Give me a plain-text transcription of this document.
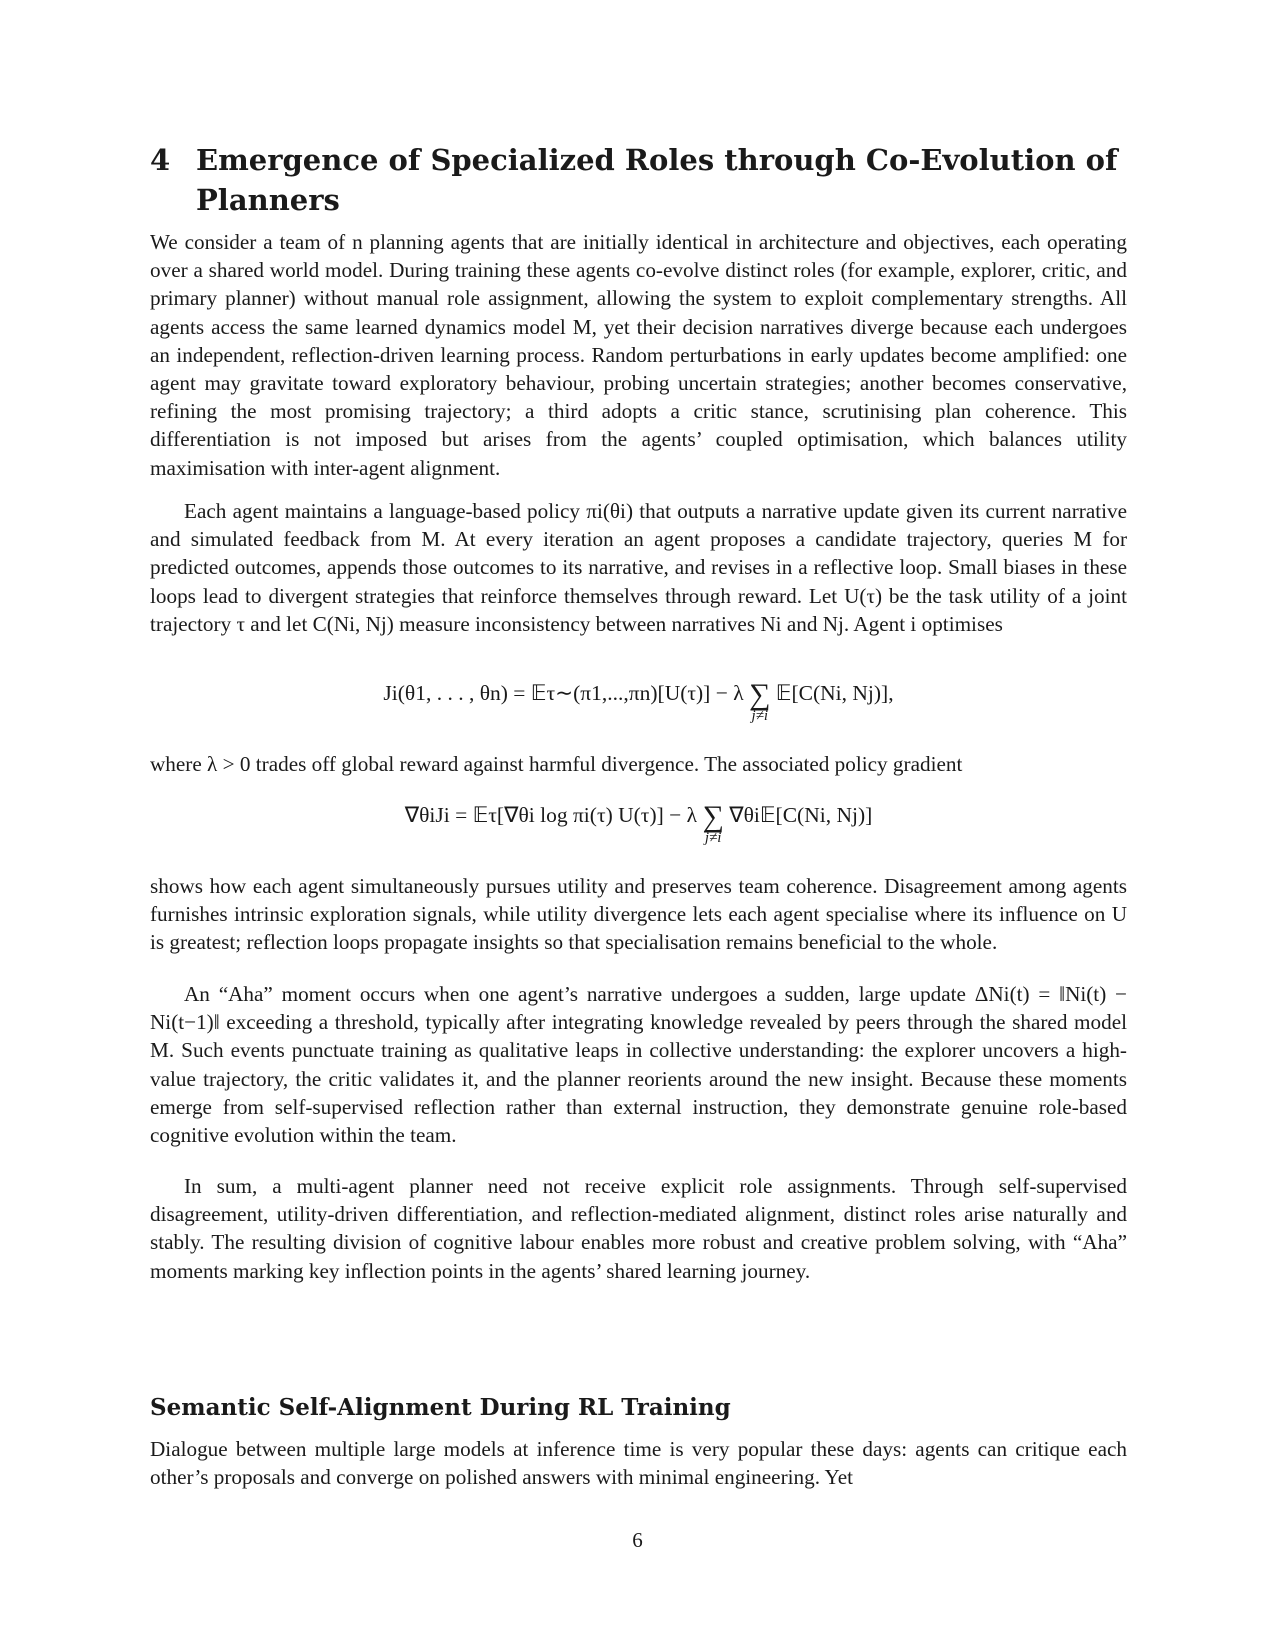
4 Emergence of Specialized Roles through Co-Evolution of Planners

We consider a team of n planning agents that are initially identical in architecture and objectives, each operating over a shared world model. During training these agents co-evolve distinct roles (for example, explorer, critic, and primary planner) without manual role assignment, allowing the system to exploit complementary strengths. All agents access the same learned dynamics model M, yet their decision narratives diverge because each undergoes an independent, reflection-driven learning process. Random perturbations in early updates become amplified: one agent may gravitate toward exploratory behaviour, probing uncertain strategies; another becomes conservative, refining the most promising trajectory; a third adopts a critic stance, scrutinising plan coherence. This differentiation is not imposed but arises from the agents’ coupled optimisation, which balances utility maximisation with inter-agent alignment.

Each agent maintains a language-based policy πi(θi) that outputs a narrative update given its current narrative and simulated feedback from M. At every iteration an agent proposes a candidate trajectory, queries M for predicted outcomes, appends those outcomes to its narrative, and revises in a reflective loop. Small biases in these loops lead to divergent strategies that reinforce themselves through reward. Let U(τ) be the task utility of a joint trajectory τ and let C(Ni, Nj) measure inconsistency between narratives Ni and Nj. Agent i optimises

Ji(θ1, . . . , θn) = 𝔼τ∼(π1,...,πn)[U(τ)] − λ ∑
j≠i
𝔼[C(Ni, Nj)],

where λ > 0 trades off global reward against harmful divergence. The associated policy gradient

∇θiJi = 𝔼τ[∇θi log πi(τ) U(τ)] − λ ∑
j≠i
∇θi𝔼[C(Ni, Nj)]

shows how each agent simultaneously pursues utility and preserves team coherence. Disagreement among agents furnishes intrinsic exploration signals, while utility divergence lets each agent specialise where its influence on U is greatest; reflection loops propagate insights so that specialisation remains beneficial to the whole.

An “Aha” moment occurs when one agent’s narrative undergoes a sudden, large update ΔNi(t) = ‖Ni(t) − Ni(t−1)‖ exceeding a threshold, typically after integrating knowledge revealed by peers through the shared model M. Such events punctuate training as qualitative leaps in collective understanding: the explorer uncovers a high-value trajectory, the critic validates it, and the planner reorients around the new insight. Because these moments emerge from self-supervised reflection rather than external instruction, they demonstrate genuine role-based cognitive evolution within the team.

In sum, a multi-agent planner need not receive explicit role assignments. Through self-supervised disagreement, utility-driven differentiation, and reflection-mediated alignment, distinct roles arise naturally and stably. The resulting division of cognitive labour enables more robust and creative problem solving, with “Aha” moments marking key inflection points in the agents’ shared learning journey.

Semantic Self-Alignment During RL Training

Dialogue between multiple large models at inference time is very popular these days: agents can critique each other’s proposals and converge on polished answers with minimal engineering. Yet

6
